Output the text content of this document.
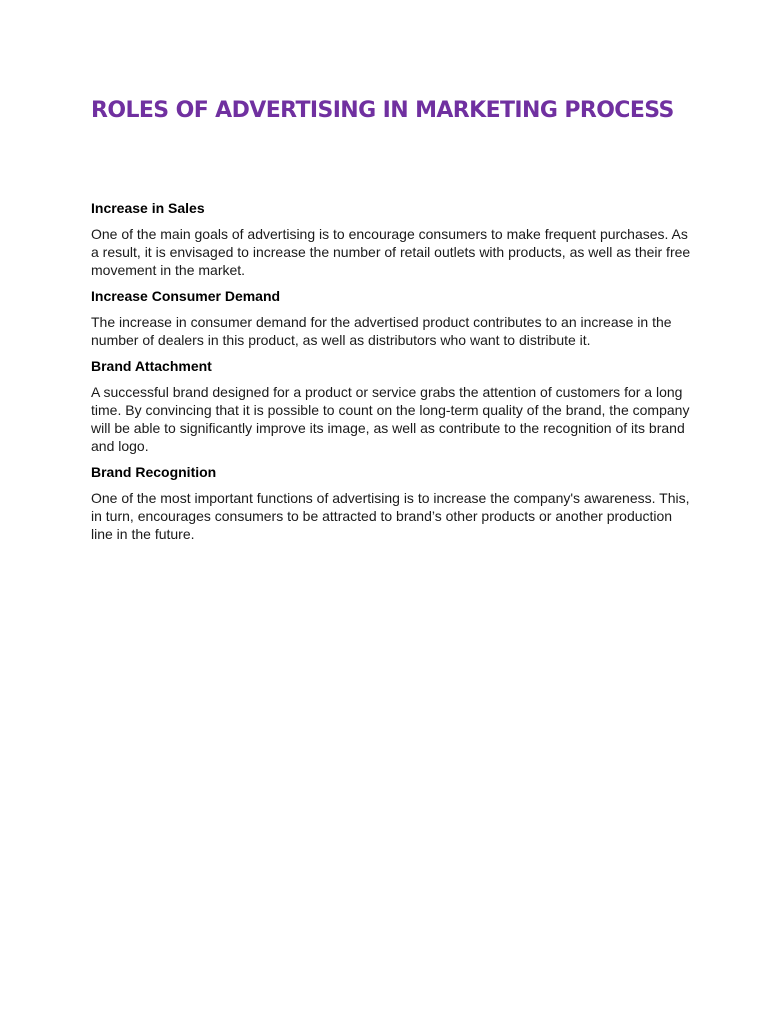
ROLES OF ADVERTISING IN MARKETING PROCESS
Increase in Sales

One of the main goals of advertising is to encourage consumers to make frequent purchases. As a result, it is envisaged to increase the number of retail outlets with products, as well as their free movement in the market.

Increase Consumer Demand

The increase in consumer demand for the advertised product contributes to an increase in the number of dealers in this product, as well as distributors who want to distribute it.

Brand Attachment

A successful brand designed for a product or service grabs the attention of customers for a long time. By convincing that it is possible to count on the long-term quality of the brand, the company will be able to significantly improve its image, as well as contribute to the recognition of its brand and logo.

Brand Recognition

One of the most important functions of advertising is to increase the company's awareness. This, in turn, encourages consumers to be attracted to brand’s other products or another production line in the future.
